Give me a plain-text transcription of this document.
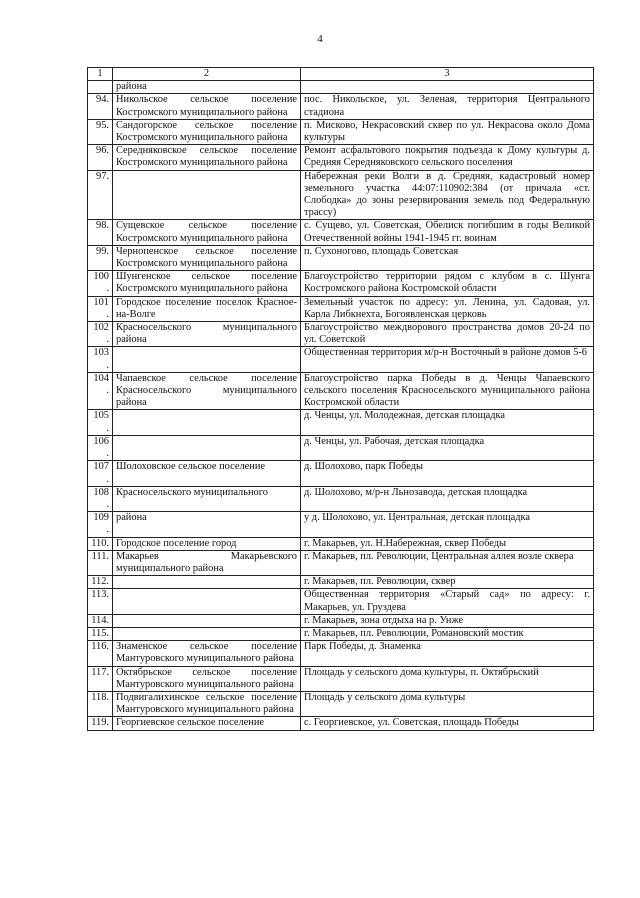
4
1	2	3
	района	
94.	Никольское сельское поселение Костромского муниципального района	пос. Никольское, ул. Зеленая, территория Центрального стадиона
95.	Сандогорское сельское поселение Костромского муниципального района	п. Мисково, Некрасовский сквер по ул. Некрасова около Дома культуры
96.	Середняковское сельское поселение Костромского муниципального района	Ремонт асфальтового покрытия подъезда к Дому культуры д. Средняя Середняковского сельского поселения
97.		Набережная реки Волги в д. Средняя, кадастровый номер земельного участка 44:07:110902:384 (от причала «ст. Слободка» до зоны резервирования земель под Федеральную трассу)
98.	Сущевское сельское поселение Костромского муниципального района	с. Сущево, ул. Советская, Обелиск погибшим в годы Великой Отечественной войны 1941-1945 гг. воинам
99.	Чернопенское сельское поселение Костромского муниципального района	п. Сухоногово, площадь Советская
100.	Шунгенское сельское поселение Костромского муниципального района	Благоустройство территории рядом с клубом в с. Шунга Костромского района Костромской области
101.	Городское поселение поселок Красное-на-Волге	Земельный участок по адресу: ул. Ленина, ул. Садовая, ул. Карла Либкнехта, Богоявленская церковь
102.	Красносельского муниципального района	Благоустройство междворового пространства домов 20-24 по ул. Советской
103.		Общественная территория м/р-н Восточный в районе домов 5-6
104.	Чапаевское сельское поселение Красносельского муниципального района	Благоустройство парка Победы в д. Ченцы Чапаевского сельского поселения Красносельского муниципального района Костромской области
105.		д. Ченцы, ул. Молодежная, детская площадка
106.		д. Ченцы, ул. Рабочая, детская площадка
107.	Шолоховское сельское поселение	д. Шолохово, парк Победы
108.	Красносельского муниципального	д. Шолохово, м/р-н Льнозавода, детская площадка
109.	района	у д. Шолохово, ул. Центральная, детская площадка
110.	Городское поселение город	г. Макарьев, ул. Н.Набережная, сквер Победы
111.	Макарьев Макарьевского муниципального района	г. Макарьев, пл. Революции, Центральная аллея возле сквера
112.		г. Макарьев, пл. Революции, сквер
113.		Общественная территория «Старый сад» по адресу: г. Макарьев, ул. Груздева
114.		г. Макарьев, зона отдыха на р. Унже
115.		г. Макарьев, пл. Революции, Романовский мостик
116.	Знаменское сельское поселение Мантуровского муниципального района	Парк Победы, д. Знаменка
117.	Октябрьское сельское поселение Мантуровского муниципального района	Площадь у сельского дома культуры, п. Октябрьский
118.	Подвигалихинское сельское поселение Мантуровского муниципального района	Площадь у сельского дома культуры
119.	Георгиевское сельское поселение	с. Георгиевское, ул. Советская, площадь Победы
